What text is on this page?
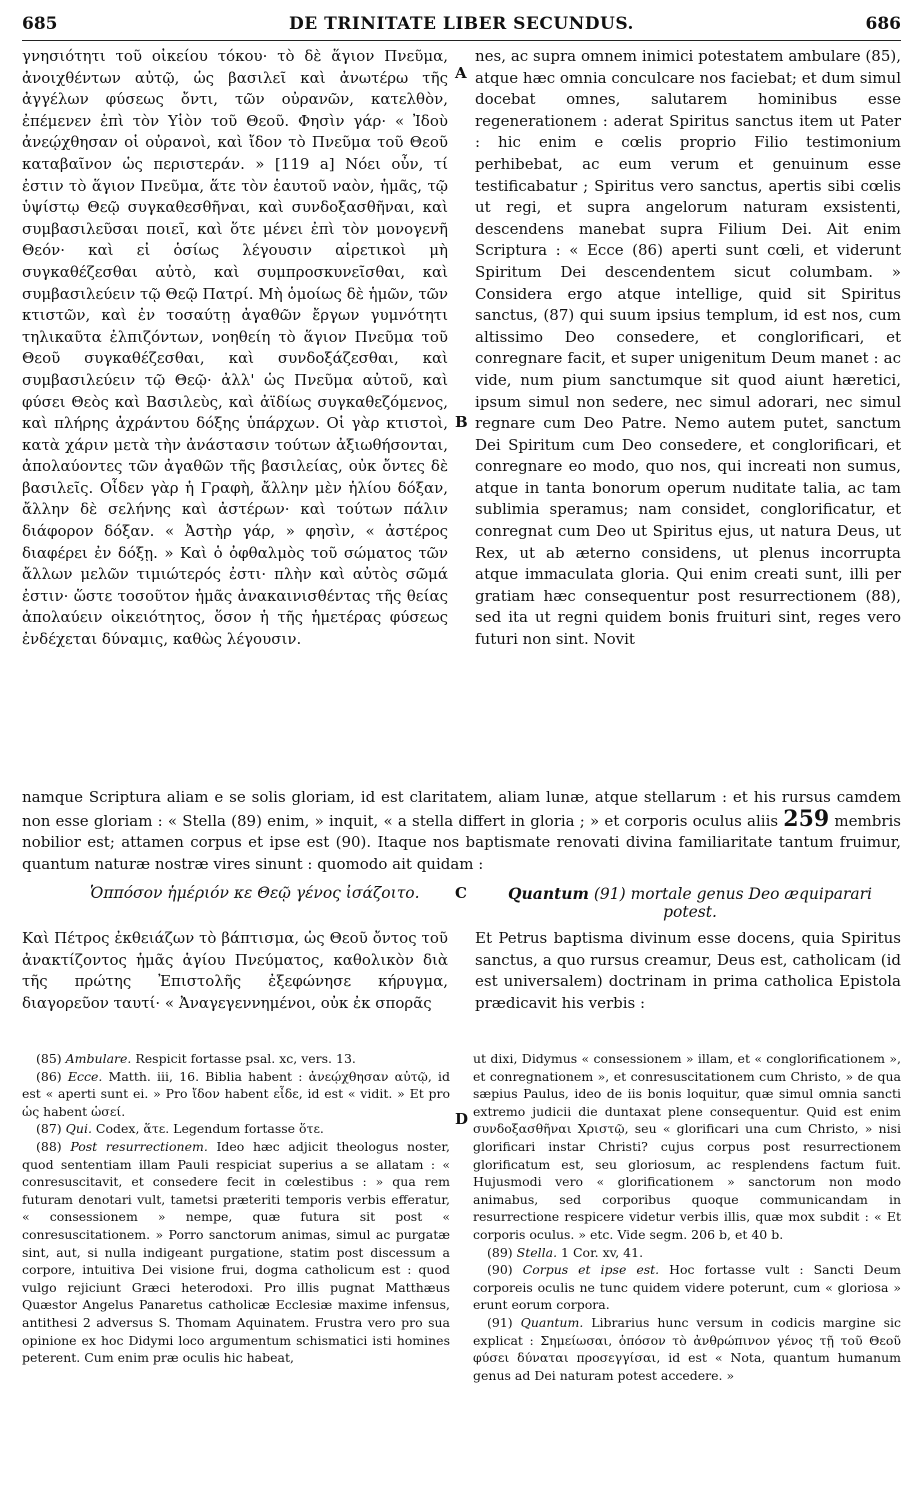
685	DE TRINITATE LIBER SECUNDUS.	686

γνησιότητι τοῦ οἰκείου τόκου· τὸ δὲ ἅγιον Πνεῦμα, ἀνοιχθέντων αὐτῷ, ὡς βασιλεῖ καὶ ἀνωτέρω τῆς ἀγγέλων φύσεως ὄντι, τῶν οὐρανῶν, κατελθὸν, ἐπέμενεν ἐπὶ τὸν Υἱὸν τοῦ Θεοῦ. Φησὶν γάρ· « Ἰδοὺ ἀνεῴχθησαν οἱ οὐρανοὶ, καὶ ἴδον τὸ Πνεῦμα τοῦ Θεοῦ καταβαῖνον ὡς περιστεράν. » [119 a] Νόει οὖν, τί ἐστιν τὸ ἅγιον Πνεῦμα, ἅτε τὸν ἑαυτοῦ ναὸν, ἡμᾶς, τῷ ὑψίστῳ Θεῷ συγκαθεσθῆναι, καὶ συνδοξασθῆναι, καὶ συμβασιλεῦσαι ποιεῖ, καὶ ὅτε μένει ἐπὶ τὸν μονογενῆ Θεόν· καὶ εἰ ὁσίως λέγουσιν αἱρετικοὶ μὴ συγκαθέζεσθαι αὐτὸ, καὶ συμπροσκυνεῖσθαι, καὶ συμβασιλεύειν τῷ Θεῷ Πατρί. Μὴ ὁμοίως δὲ ἡμῶν, τῶν κτιστῶν, καὶ ἐν τοσαύτῃ ἀγαθῶν ἔργων γυμνότητι τηλικαῦτα ἐλπιζόντων, νοηθείη τὸ ἅγιον Πνεῦμα τοῦ Θεοῦ συγκαθέζεσθαι, καὶ συνδοξάζεσθαι, καὶ συμβασιλεύειν τῷ Θεῷ· ἀλλ' ὡς Πνεῦμα αὐτοῦ, καὶ φύσει Θεὸς καὶ Βασιλεὺς, καὶ ἀϊδίως συγκαθεζόμενος, καὶ πλήρης ἀχράντου δόξης ὑπάρχων. Οἱ γὰρ κτιστοὶ, κατὰ χάριν μετὰ τὴν ἀνάστασιν τούτων ἀξιωθήσονται, ἀπολαύοντες τῶν ἀγαθῶν τῆς βασιλείας, οὐκ ὄντες δὲ βασιλεῖς. Οἶδεν γὰρ ἡ Γραφὴ, ἄλλην μὲν ἡλίου δόξαν, ἄλλην δὲ σελήνης καὶ ἀστέρων· καὶ τούτων πάλιν διάφορον δόξαν. « Ἀστὴρ γάρ, » φησὶν, « ἀστέρος διαφέρει ἐν δόξῃ. » Καὶ ὁ ὀφθαλμὸς τοῦ σώματος τῶν ἄλλων μελῶν τιμιώτερός ἐστι· πλὴν καὶ αὐτὸς σῶμά ἐστιν· ὥστε τοσοῦτον ἡμᾶς ἀνακαινισθέντας τῆς θείας ἀπολαύειν οἰκειότητος, ὅσον ἡ τῆς ἡμετέρας φύσεως ἐνδέχεται δύναμις, καθὼς λέγουσιν.

A
B

nes, ac supra omnem inimici potestatem ambulare (85), atque hæc omnia conculcare nos faciebat; et dum simul docebat omnes, salutarem hominibus esse regenerationem : aderat Spiritus sanctus item ut Pater : hic enim e cœlis proprio Filio testimonium perhibebat, ac eum verum et genuinum esse testificabatur ; Spiritus vero sanctus, apertis sibi cœlis ut regi, et supra angelorum naturam exsistenti, descendens manebat supra Filium Dei. Ait enim Scriptura : « Ecce (86) aperti sunt cœli, et viderunt Spiritum Dei descendentem sicut columbam. » Considera ergo atque intellige, quid sit Spiritus sanctus, (87) qui suum ipsius templum, id est nos, cum altissimo Deo consedere, et conglorificari, et conregnare facit, et super unigenitum Deum manet : ac vide, num pium sanctumque sit quod aiunt hæretici, ipsum simul non sedere, nec simul adorari, nec simul regnare cum Deo Patre. Nemo autem putet, sanctum Dei Spiritum cum Deo consedere, et conglorificari, et conregnare eo modo, quo nos, qui increati non sumus, atque in tanta bonorum operum nuditate talia, ac tam sublimia speramus; nam considet, conglorificatur, et conregnat cum Deo ut Spiritus ejus, ut natura Deus, ut Rex, ut ab æterno considens, ut plenus incorrupta atque immaculata gloria. Qui enim creati sunt, illi per gratiam hæc consequentur post resurrectionem (88), sed ita ut regni quidem bonis fruituri sint, reges vero futuri non sint. Novit

namque Scriptura aliam e se solis gloriam, id est claritatem, aliam lunæ, atque stellarum : et his rursus camdem non esse gloriam : « Stella (89) enim, » inquit, « a stella differt in gloria ; » et corporis oculus aliis 259 membris nobilior est; attamen corpus et ipse est (90). Itaque nos baptismate renovati divina familiaritate tantum fruimur, quantum naturæ nostræ vires sinunt : quomodo ait quidam :
Ὁππόσον ἡμέριόν κε Θεῷ γένος ἰσάζοιτο. C	Quantum (91) mortale genus Deo æquiparari
potest.

Καὶ Πέτρος ἐκθειάζων τὸ βάπτισμα, ὡς Θεοῦ ὄντος τοῦ ἀνακτίζοντος ἡμᾶς ἁγίου Πνεύματος, καθολικὸν διὰ τῆς πρώτης Ἐπιστολῆς ἐξεφώνησε κήρυγμα, διαγορεῦον ταυτί· « Ἀναγεγεννημένοι, οὐκ ἐκ σπορᾶς

Et Petrus baptisma divinum esse docens, quia Spiritus sanctus, a quo rursus creamur, Deus est, catholicam (id est universalem) doctrinam in prima catholica Epistola prædicavit his verbis :

(85) Ambulare. Respicit fortasse psal. xc, vers. 13.

(86) Ecce. Matth. iii, 16. Biblia habent : ἀνεῴχθησαν αὐτῷ, id est « aperti sunt ei. » Pro ἴδον habent εἶδε, id est « vidit. » Et pro ὡς habent ὡσεί.

(87) Qui. Codex, ἅτε. Legendum fortasse ὅτε.

(88) Post resurrectionem. Ideo hæc adjicit theologus noster, quod sententiam illam Pauli respiciat superius a se allatam : « conresuscitavit, et consedere fecit in cœlestibus : » qua rem futuram denotari vult, tametsi præteriti temporis verbis efferatur, « consessionem » nempe, quæ futura sit post « conresuscitationem. » Porro sanctorum animas, simul ac purgatæ sint, aut, si nulla indigeant purgatione, statim post discessum a corpore, intuitiva Dei visione frui, dogma catholicum est : quod vulgo rejiciunt Græci heterodoxi. Pro illis pugnat Matthæus Quæstor Angelus Panaretus catholicæ Ecclesiæ maxime infensus, antithesi 2 adversus S. Thomam Aquinatem. Frustra vero pro sua opinione ex hoc Didymi loco argumentum schismatici isti homines peterent. Cum enim præ oculis hic habeat,

D

ut dixi, Didymus « consessionem » illam, et « conglorificationem », et conregnationem », et conresuscitationem cum Christo, » de qua sæpius Paulus, ideo de iis bonis loquitur, quæ simul omnia sancti extremo judicii die duntaxat plene consequentur. Quid est enim συνδοξασθῆναι Χριστῷ, seu « glorificari una cum Christo, » nisi glorificari instar Christi? cujus corpus post resurrectionem glorificatum est, seu gloriosum, ac resplendens factum fuit. Hujusmodi vero « glorificationem » sanctorum non modo animabus, sed corporibus quoque communicandam in resurrectione respicere videtur verbis illis, quæ mox subdit : « Et corporis oculus. » etc. Vide segm. 206 b, et 40 b.

(89) Stella. 1 Cor. xv, 41.

(90) Corpus et ipse est. Hoc fortasse vult : Sancti Deum corporeis oculis ne tunc quidem videre poterunt, cum « gloriosa » erunt eorum corpora.

(91) Quantum. Librarius hunc versum in codicis margine sic explicat : Σημείωσαι, ὁπόσον τὸ ἀνθρώπινον γένος τῇ τοῦ Θεοῦ φύσει δύναται προσεγγίσαι, id est « Nota, quantum humanum genus ad Dei naturam potest accedere. »
